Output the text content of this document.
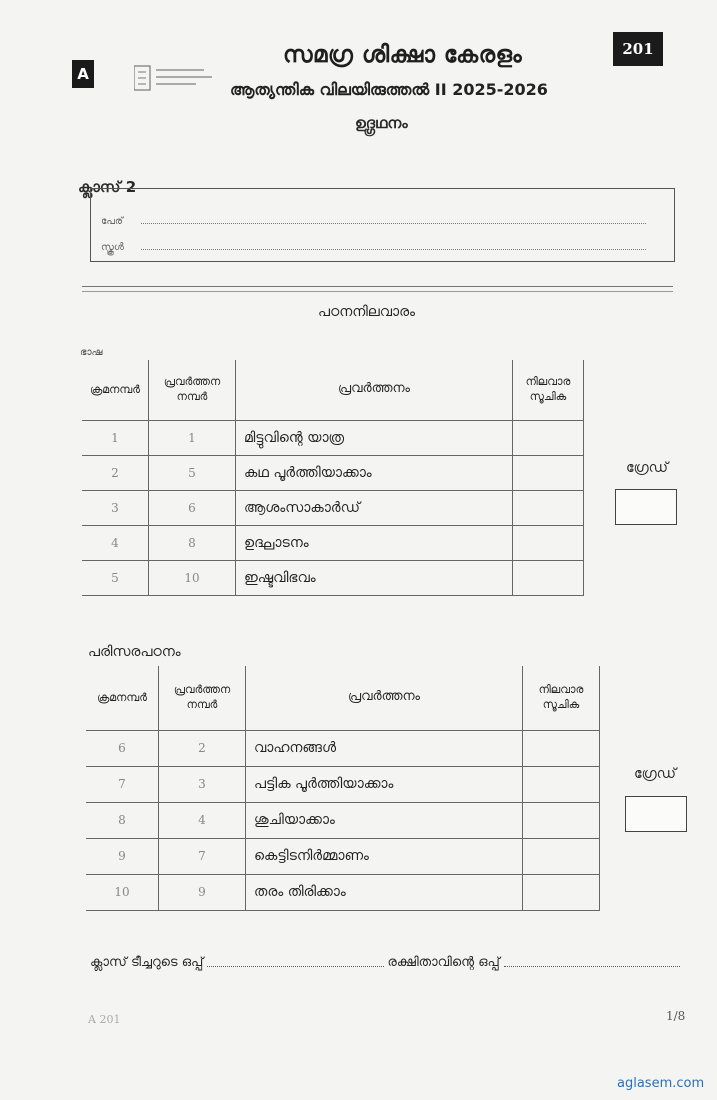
A
201
സമഗ്ര ശിക്ഷാ കേരളം
ആത്യന്തിക വിലയിരുത്തൽ II 2025-2026
ഉദ്ഗ്രഥനം
ക്ലാസ് 2
പേര്
സ്കൂൾ
പഠനനിലവാരം
ഭാഷ
ക്രമനമ്പർ	പ്രവർത്തന നമ്പർ	പ്രവർത്തനം	നിലവാര സൂചിക
1	1	മിട്ടുവിന്റെ യാത്ര	
2	5	കഥ പൂർത്തിയാക്കാം	
3	6	ആശംസാകാർഡ്	
4	8	ഉദ്ഘാടനം	
5	10	ഇഷ്ടവിഭവം	
ഗ്രേഡ്
പരിസരപഠനം
ക്രമനമ്പർ	പ്രവർത്തന നമ്പർ	പ്രവർത്തനം	നിലവാര സൂചിക
6	2	വാഹനങ്ങൾ	
7	3	പട്ടിക പൂർത്തിയാക്കാം	
8	4	ശുചിയാക്കാം	
9	7	കെട്ടിടനിർമ്മാണം	
10	9	തരം തിരിക്കാം	
ഗ്രേഡ്
ക്ലാസ് ടീച്ചറുടെ ഒപ്പ്	രക്ഷിതാവിന്റെ ഒപ്പ്
A 201	1/8
aglasem.com
